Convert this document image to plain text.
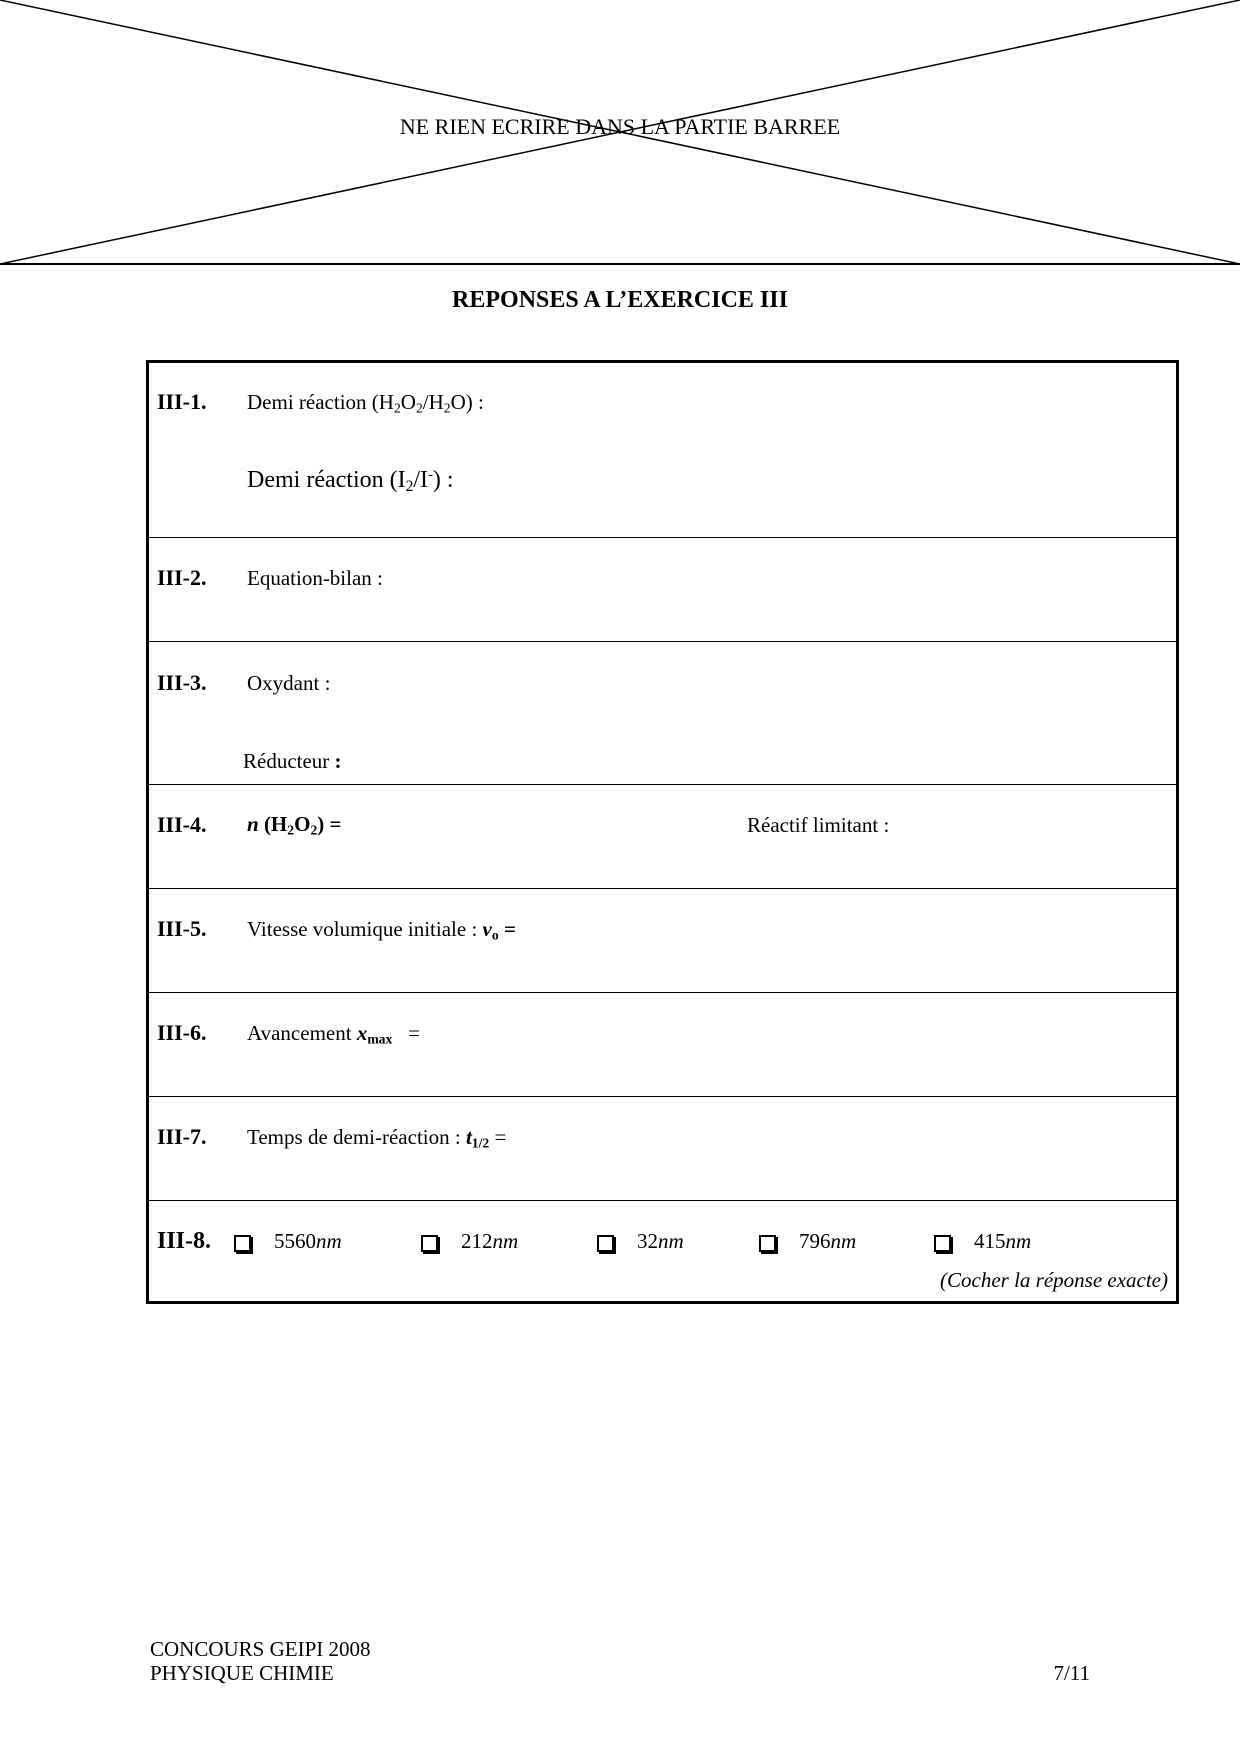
NE RIEN ECRIRE DANS LA PARTIE BARREE
REPONSES A L’EXERCICE III
III-1. Demi réaction $(H_2O_2/H_2O)$ :
Demi réaction $(I_2/I^-)$ :
III-2. Equation-bilan :
III-3. Oxydant :
Réducteur :
III-4. n $(H_2O_2)$ =	Réactif limitant :
III-5. Vitesse volumique initiale : $v_o$ =
III-6. Avancement $x_{max}$ =
III-7. Temps de demi-réaction : $t_{1/2}$ =
III-8.	5560nm	212nm	32nm	796nm	415nm
(Cocher la réponse exacte)
CONCOURS GEIPI 2008
PHYSIQUE CHIMIE	7/11
